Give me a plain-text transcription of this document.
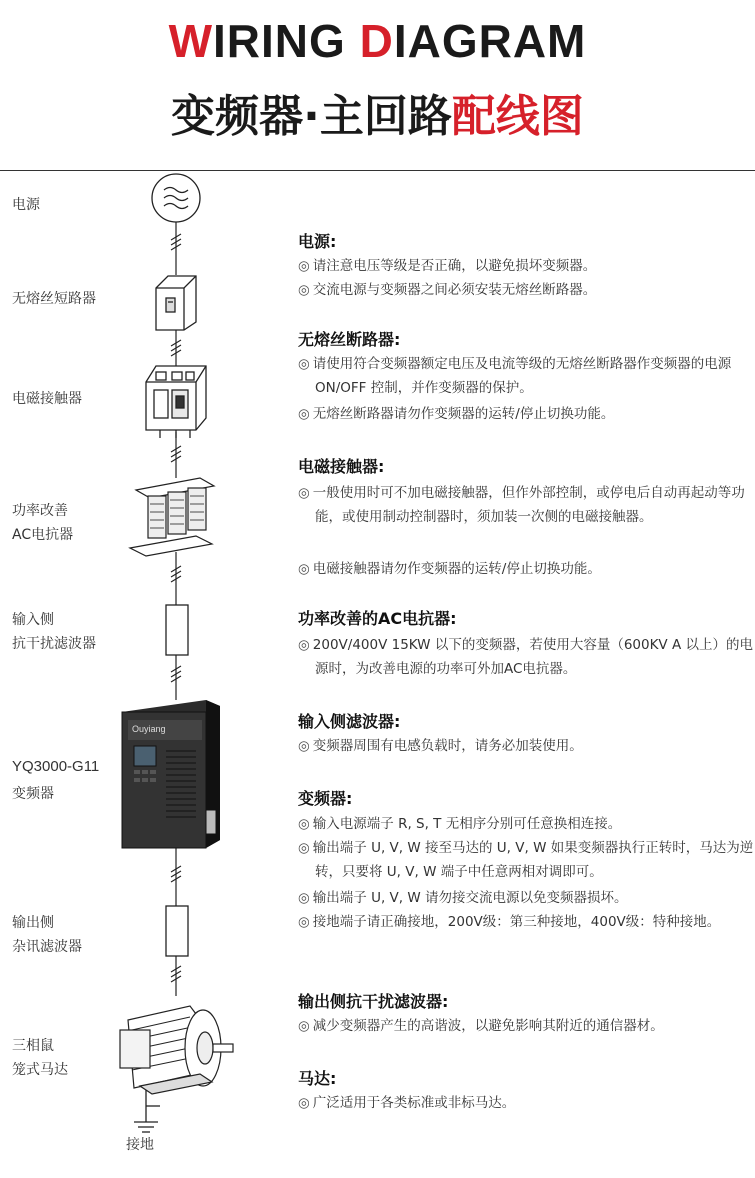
WIRING DIAGRAM
变频器·主回路配线图
Ouyiang
电源
无熔丝短路器
电磁接触器
功率改善
AC电抗器
输入侧
抗干扰滤波器
YQ3000-G11
变频器
输出侧
杂讯滤波器
三相鼠
笼式马达
接地
电源:
◎ 请注意电压等级是否正确，以避免损坏变频器。
◎ 交流电源与变频器之间必须安装无熔丝断路器。
无熔丝断路器:
◎ 请使用符合变频器额定电压及电流等级的无熔丝断路器作变频器的电源 ON/OFF 控制，并作变频器的保护。
◎ 无熔丝断路器请勿作变频器的运转/停止切换功能。
电磁接触器:
◎ 一般使用时可不加电磁接触器，但作外部控制，或停电后自动再起动等功能，或使用制动控制器时，须加装一次侧的电磁接触器。
◎ 电磁接触器请勿作变频器的运转/停止切换功能。
功率改善的AC电抗器:
◎ 200V/400V 15KW 以下的变频器，若使用大容量（600KV A 以上）的电源时，为改善电源的功率可外加AC电抗器。
输入侧滤波器:
◎ 变频器周围有电感负载时，请务必加装使用。
变频器:
◎ 输入电源端子 R, S, T 无相序分别可任意换相连接。
◎ 输出端子 U, V, W 接至马达的 U, V, W 如果变频器执行正转时，马达为逆转，只要将 U, V, W 端子中任意两相对调即可。
◎ 输出端子 U, V, W 请勿接交流电源以免变频器损坏。
◎ 接地端子请正确接地，200V级：第三种接地，400V级：特种接地。
输出侧抗干扰滤波器:
◎ 减少变频器产生的高谐波，以避免影响其附近的通信器材。
马达:
◎ 广泛适用于各类标准或非标马达。
